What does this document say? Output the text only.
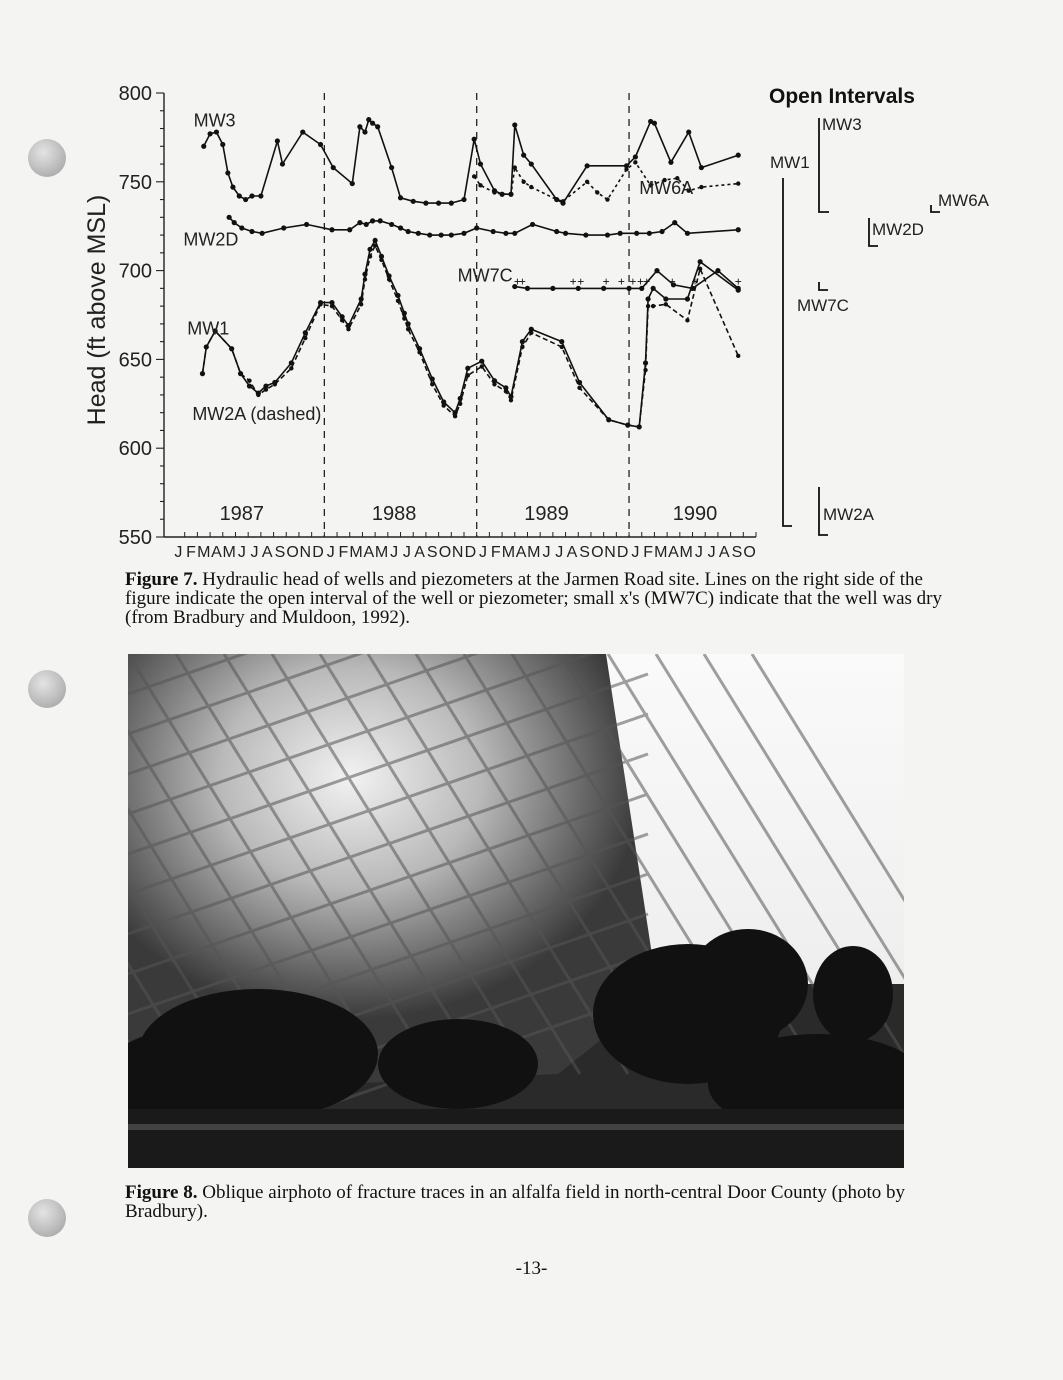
550
600
650
700
750
800
Head (ft above MSL)
J F M A M J J A S O N D J F M A M J J A S O N D J F M A M J J A S O N D J F M A M J J A S O
1987	1988	1989	1990
+
+	+ + + + + + + + +	+
MW3
MW6A
MW2D
MW7C
MW1
MW2A (dashed)
Open Intervals
MW3
MW1
MW6A
MW2D
MW7C
MW2A
Figure 7. Hydraulic head of wells and piezometers at the Jarmen Road site. Lines on the right side of the figure indicate the open interval of the well or piezometer; small x's (MW7C) indicate that the well was dry (from Bradbury and Muldoon, 1992).
Figure 8. Oblique airphoto of fracture traces in an alfalfa field in north-central Door County (photo by Bradbury).
-13-
